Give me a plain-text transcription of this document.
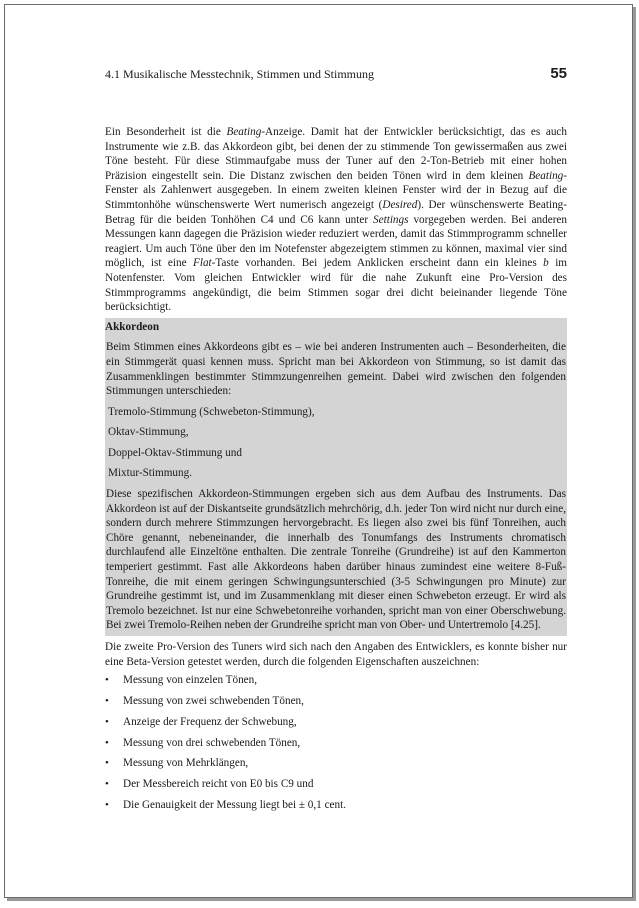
4.1 Musikalische Messtechnik, Stimmen und Stimmung	55

Ein Besonderheit ist die Beating-Anzeige. Damit hat der Entwickler berücksichtigt, das es auch Instrumente wie z.B. das Akkordeon gibt, bei denen der zu stimmende Ton gewissermaßen aus zwei Töne besteht. Für diese Stimmaufgabe muss der Tuner auf den 2-Ton-Betrieb mit einer hohen Präzision eingestellt sein. Die Distanz zwischen den beiden Tönen wird in dem kleinen Beating-Fenster als Zahlenwert ausgegeben. In einem zweiten kleinen Fenster wird der in Bezug auf die Stimmtonhöhe wünschenswerte Wert numerisch angezeigt (Desired). Der wünschenswerte Beating-Betrag für die beiden Tonhöhen C4 und C6 kann unter Settings vorgegeben werden. Bei anderen Messungen kann dagegen die Präzision wieder reduziert werden, damit das Stimmprogramm schneller reagiert. Um auch Töne über den im Notefenster abgezeigtem stimmen zu können, maximal vier sind möglich, ist eine Flat-Taste vorhanden. Bei jedem Anklicken erscheint dann ein kleines b im Notenfenster. Vom gleichen Entwickler wird für die nahe Zukunft eine Pro-Version des Stimmprogramms angekündigt, die beim Stimmen sogar drei dicht beieinander liegende Töne berücksichtigt.

Akkordeon

Beim Stimmen eines Akkordeons gibt es – wie bei anderen Instrumenten auch – Besonderheiten, die ein Stimmgerät quasi kennen muss. Spricht man bei Akkordeon von Stimmung, so ist damit das Zusammenklingen bestimmter Stimmzungenreihen gemeint. Dabei wird zwischen den folgenden Stimmungen unterschieden:

Tremolo-Stimmung (Schwebeton-Stimmung),
Oktav-Stimmung,
Doppel-Oktav-Stimmung und
Mixtur-Stimmung.

Diese spezifischen Akkordeon-Stimmungen ergeben sich aus dem Aufbau des Instruments. Das Akkordeon ist auf der Diskantseite grundsätzlich mehrchörig, d.h. jeder Ton wird nicht nur durch eine, sondern durch mehrere Stimmzungen hervorgebracht. Es liegen also zwei bis fünf Tonreihen, auch Chöre genannt, nebeneinander, die innerhalb des Tonumfangs des Instruments chromatisch durchlaufend alle Einzeltöne enthalten. Die zentrale Tonreihe (Grundreihe) ist auf den Kammerton temperiert gestimmt. Fast alle Akkordeons haben darüber hinaus zumindest eine weitere 8-Fuß-Tonreihe, die mit einem geringen Schwingungsunterschied (3-5 Schwingungen pro Minute) zur Grundreihe gestimmt ist, und im Zusammenklang mit dieser einen Schwebeton erzeugt. Er wird als Tremolo bezeichnet. Ist nur eine Schwebetonreihe vorhanden, spricht man von einer Oberschwebung. Bei zwei Tremolo-Reihen neben der Grundreihe spricht man von Ober- und Untertremolo [4.25].

Die zweite Pro-Version des Tuners wird sich nach den Angaben des Entwicklers, es konnte bisher nur eine Beta-Version getestet werden, durch die folgenden Eigenschaften auszeichnen:

•	Messung von einzelen Tönen,
•	Messung von zwei schwebenden Tönen,
•	Anzeige der Frequenz der Schwebung,
•	Messung von drei schwebenden Tönen,
•	Messung von Mehrklängen,
•	Der Messbereich reicht von E0 bis C9 und
•	Die Genauigkeit der Messung liegt bei ± 0,1 cent.
